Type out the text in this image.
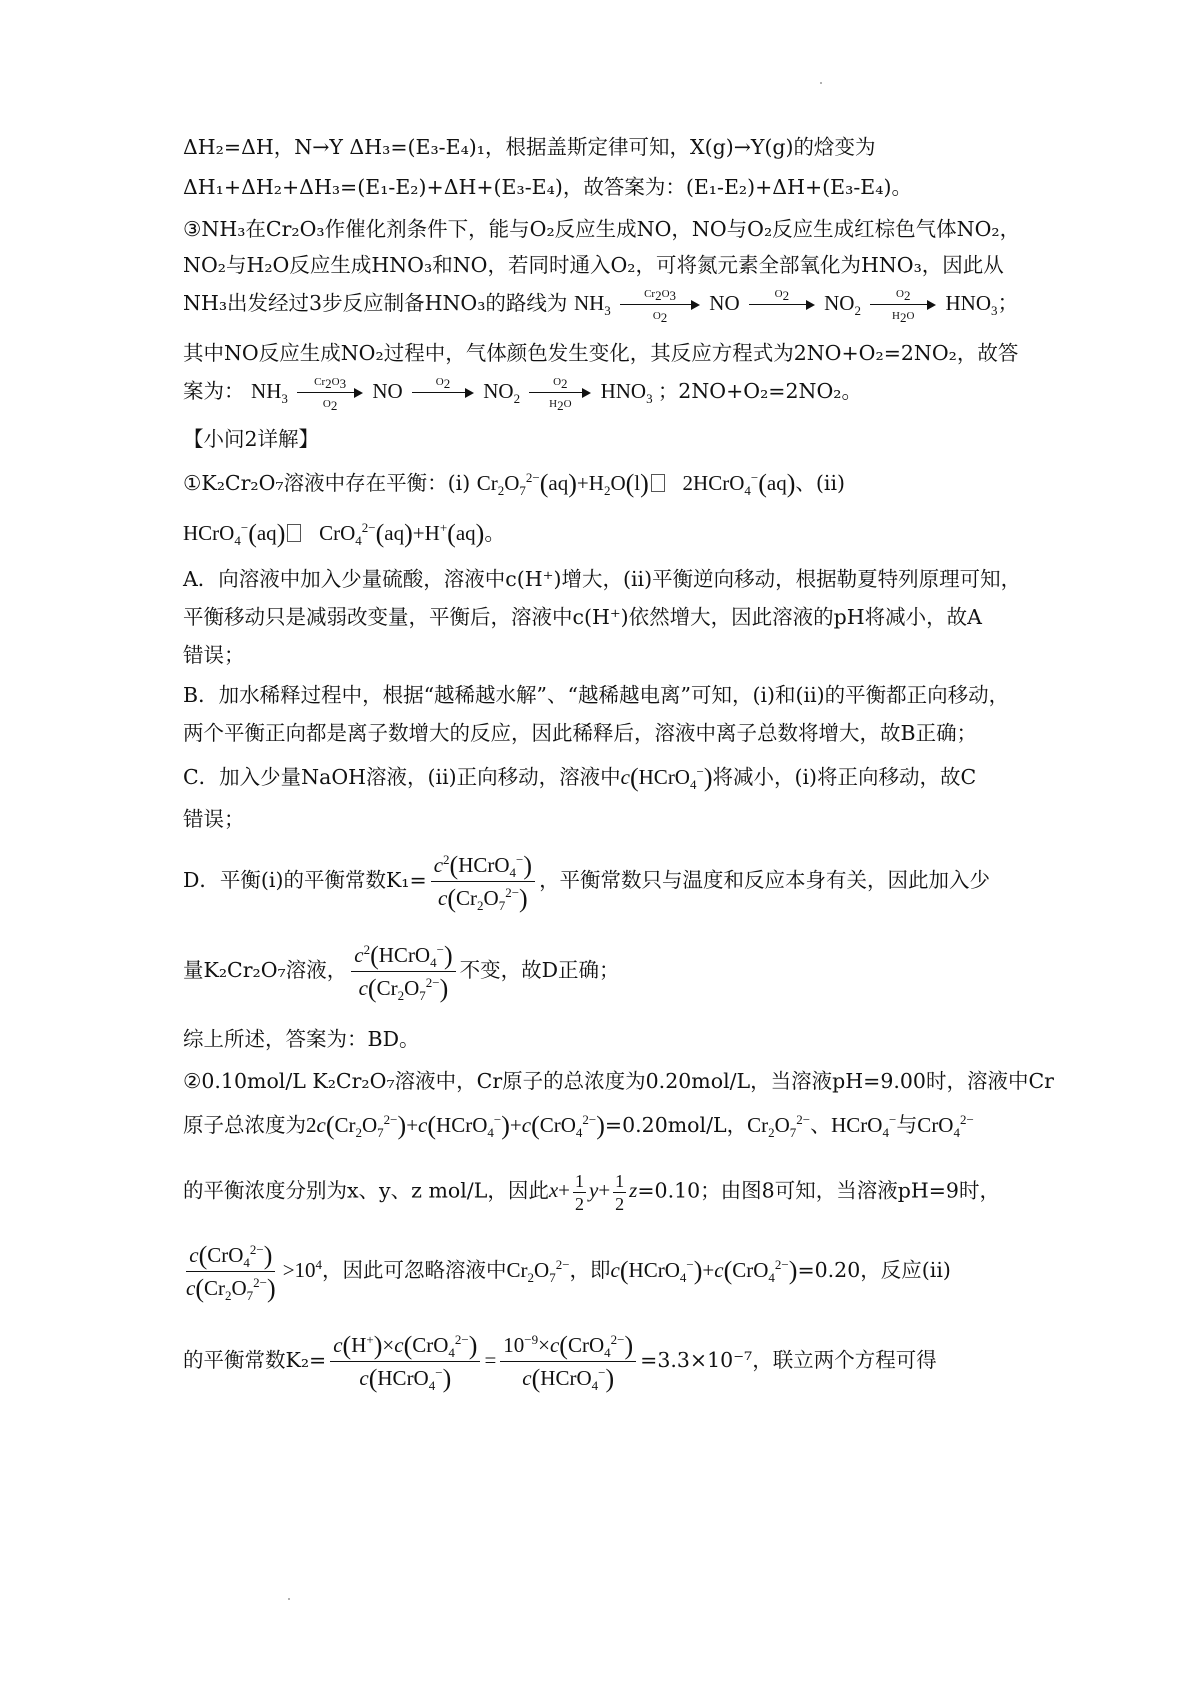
ΔH₂=ΔH，N→Y ΔH₃=(E₃-E₄)₁，根据盖斯定律可知，X(g)→Y(g)的焓变为
ΔH₁+ΔH₂+ΔH₃=(E₁-E₂)+ΔH+(E₃-E₄)，故答案为：(E₁-E₂)+ΔH+(E₃-E₄)。
③NH₃在Cr₂O₃作催化剂条件下，能与O₂反应生成NO，NO与O₂反应生成红棕色气体NO₂，
NO₂与H₂O反应生成HNO₃和NO，若同时通入O₂，可将氮元素全部氧化为HNO₃，因此从
NH₃出发经过3步反应制备HNO₃的路线为 $NH_3$
$Cr_2O_3$
$O_2$
NO	$O_2$
	$NO_2$
$O_2$
$H_2O$
$HNO_3$；
其中NO反应生成NO₂过程中，气体颜色发生变化，其反应方程式为2NO+O₂=2NO₂，故答
案为： $NH_3$
$Cr_2O_3$
$O_2$
NO	$O_2$
	$NO_2$
$O_2$
$H_2O$
$HNO_3$ ；2NO+O₂=2NO₂。
【小问2详解】
①K₂Cr₂O₇溶液中存在平衡：(i) $Cr_2O_7^{2-}(aq)+H_2O(l)$   2HCrO$_4$−(aq)、(ii)
HCrO$_4$−(aq)   CrO$_4^{2-}$(aq)+H+(aq)。
A．向溶液中加入少量硫酸，溶液中c(H⁺)增大，(ii)平衡逆向移动，根据勒夏特列原理可知，
平衡移动只是减弱改变量，平衡后，溶液中c(H⁺)依然增大，因此溶液的pH将减小，故A
错误；
B．加水稀释过程中，根据“越稀越水解”、“越稀越电离”可知，(i)和(ii)的平衡都正向移动，
两个平衡正向都是离子数增大的反应，因此稀释后，溶液中离子总数将增大，故B正确；
C．加入少量NaOH溶液，(ii)正向移动，溶液中c(HCrO$_4$−)将减小，(i)将正向移动，故C
错误；
D．平衡(i)的平衡常数$K_1= \frac{c^2(HCrO_4^-)}{c(Cr_2O_7^{2-})}$ ，平衡常数只与温度和反应本身有关，因此加入少
量K₂Cr₂O₇溶液， $\frac{c^2(HCrO_4^-)}{c(Cr_2O_7^{2-})}$ 不变，故D正确；
综上所述，答案为：BD。
②0.10mol/L K₂Cr₂O₇溶液中，Cr原子的总浓度为0.20mol/L，当溶液pH=9.00时，溶液中Cr
原子总浓度为$2c(Cr_2O_7^{2-})+c(HCrO_4^-)+c(CrO_4^{2-})=0.20mol/L$，$Cr_2O_7^{2-}$、HCrO$_4$−与CrO$_4^{2-}$
的平衡浓度分别为x、y、z mol/L，因此$x+ \frac{1}{2} y+ \frac{1}{2} z=0.10$；由图8可知，当溶液pH=9时，
$\frac{c(CrO_4^{2-})}{c(Cr_2O_7^{2-})} >10^4$，因此可忽略溶液中$Cr_2O_7^{2-}$，即c(HCrO$_4$−)+c(CrO$_4^{2-}$)=0.20，反应(ii)
的平衡常数$K_2= \frac{c(H^+)\times c(CrO_4^{2-})}{c(HCrO_4^-)} = \frac{10^{-9}\times c(CrO_4^{2-})}{c(HCrO_4^-)} =3.3\times 10^{-7}$，联立两个方程可得
